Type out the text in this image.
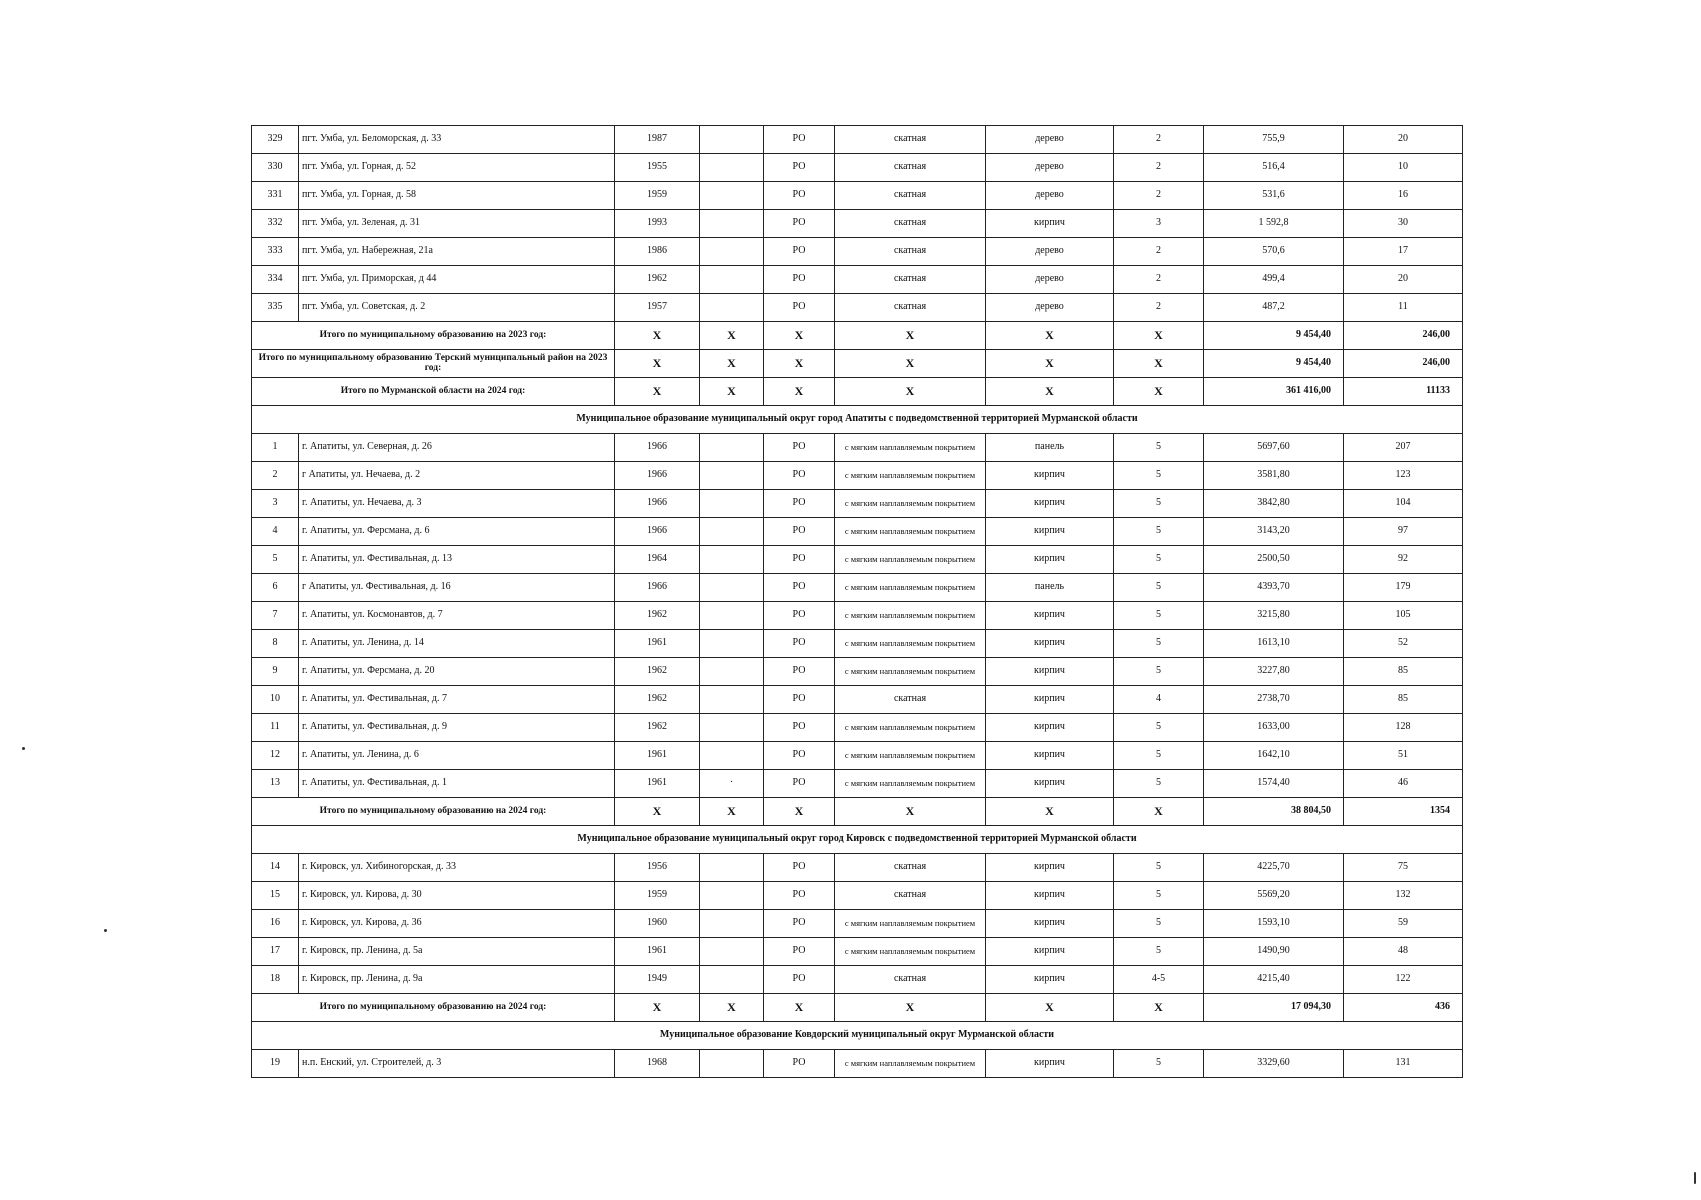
329	пгт. Умба, ул. Беломорская, д. 33	1987		РО	скатная	дерево	2	755,9	20
330	пгт. Умба, ул. Горная, д. 52	1955		РО	скатная	дерево	2	516,4	10
331	пгт. Умба, ул. Горная, д. 58	1959		РО	скатная	дерево	2	531,6	16
332	пгт. Умба, ул. Зеленая, д. 31	1993		РО	скатная	кирпич	3	1 592,8	30
333	пгт. Умба, ул. Набережная, 21а	1986		РО	скатная	дерево	2	570,6	17
334	пгт. Умба, ул. Приморская, д 44	1962		РО	скатная	дерево	2	499,4	20
335	пгт. Умба, ул. Советская, д. 2	1957		РО	скатная	дерево	2	487,2	11
Итого по муниципальному образованию на 2023 год:		X	X	X	X	X	X	9 454,40	246,00
Итого по муниципальному образованию Терский муниципальный район на 2023 год:		X	X	X	X	X	X	9 454,40	246,00
Итого по Мурманской области на 2024 год:		X	X	X	X	X	X	361 416,00	11133
Муниципальное образование муниципальный округ город Апатиты с подведомственной территорией Мурманской области									
1	г. Апатиты, ул. Северная, д. 26	1966		РО	с мягким наплавляемым покрытием	панель	5	5697,60	207
2	г Апатиты, ул. Нечаева, д. 2	1966		РО	с мягким наплавляемым покрытием	кирпич	5	3581,80	123
3	г. Апатиты, ул. Нечаева, д. 3	1966		РО	с мягким наплавляемым покрытием	кирпич	5	3842,80	104
4	г. Апатиты, ул. Ферсмана, д. 6	1966		РО	с мягким наплавляемым покрытием	кирпич	5	3143,20	97
5	г. Апатиты, ул. Фестивальная, д. 13	1964		РО	с мягким наплавляемым покрытием	кирпич	5	2500,50	92
6	г Апатиты, ул. Фестивальная, д. 16	1966		РО	с мягким наплавляемым покрытием	панель	5	4393,70	179
7	г. Апатиты, ул. Космонавтов, д. 7	1962		РО	с мягким наплавляемым покрытием	кирпич	5	3215,80	105
8	г. Апатиты, ул. Ленина, д. 14	1961		РО	с мягким наплавляемым покрытием	кирпич	5	1613,10	52
9	г. Апатиты, ул. Ферсмана, д. 20	1962		РО	с мягким наплавляемым покрытием	кирпич	5	3227,80	85
10	г. Апатиты, ул. Фестивальная, д. 7	1962		РО	скатная	кирпич	4	2738,70	85
11	г. Апатиты, ул. Фестивальная, д. 9	1962		РО	с мягким наплавляемым покрытием	кирпич	5	1633,00	128
12	г. Апатиты, ул. Ленина, д. 6	1961		РО	с мягким наплавляемым покрытием	кирпич	5	1642,10	51
13	г. Апатиты, ул. Фестивальная, д. 1	1961	·	РО	с мягким наплавляемым покрытием	кирпич	5	1574,40	46
Итого по муниципальному образованию на 2024 год:		X	X	X	X	X	X	38 804,50	1354
Муниципальное образование муниципальный округ город Кировск с подведомственной территорией Мурманской области									
14	г. Кировск, ул. Хибиногорская, д. 33	1956		РО	скатная	кирпич	5	4225,70	75
15	г. Кировск, ул. Кирова, д. 30	1959		РО	скатная	кирпич	5	5569,20	132
16	г. Кировск, ул. Кирова, д. 36	1960		РО	с мягким наплавляемым покрытием	кирпич	5	1593,10	59
17	г. Кировск, пр. Ленина, д. 5а	1961		РО	с мягким наплавляемым покрытием	кирпич	5	1490,90	48
18	г. Кировск, пр. Ленина, д. 9а	1949		РО	скатная	кирпич	4-5	4215,40	122
Итого по муниципальному образованию на 2024 год:		X	X	X	X	X	X	17 094,30	436
Муниципальное образование Ковдорский муниципальный округ Мурманской области									
19	н.п. Енский, ул. Строителей, д. 3	1968		РО	с мягким наплавляемым покрытием	кирпич	5	3329,60	131
